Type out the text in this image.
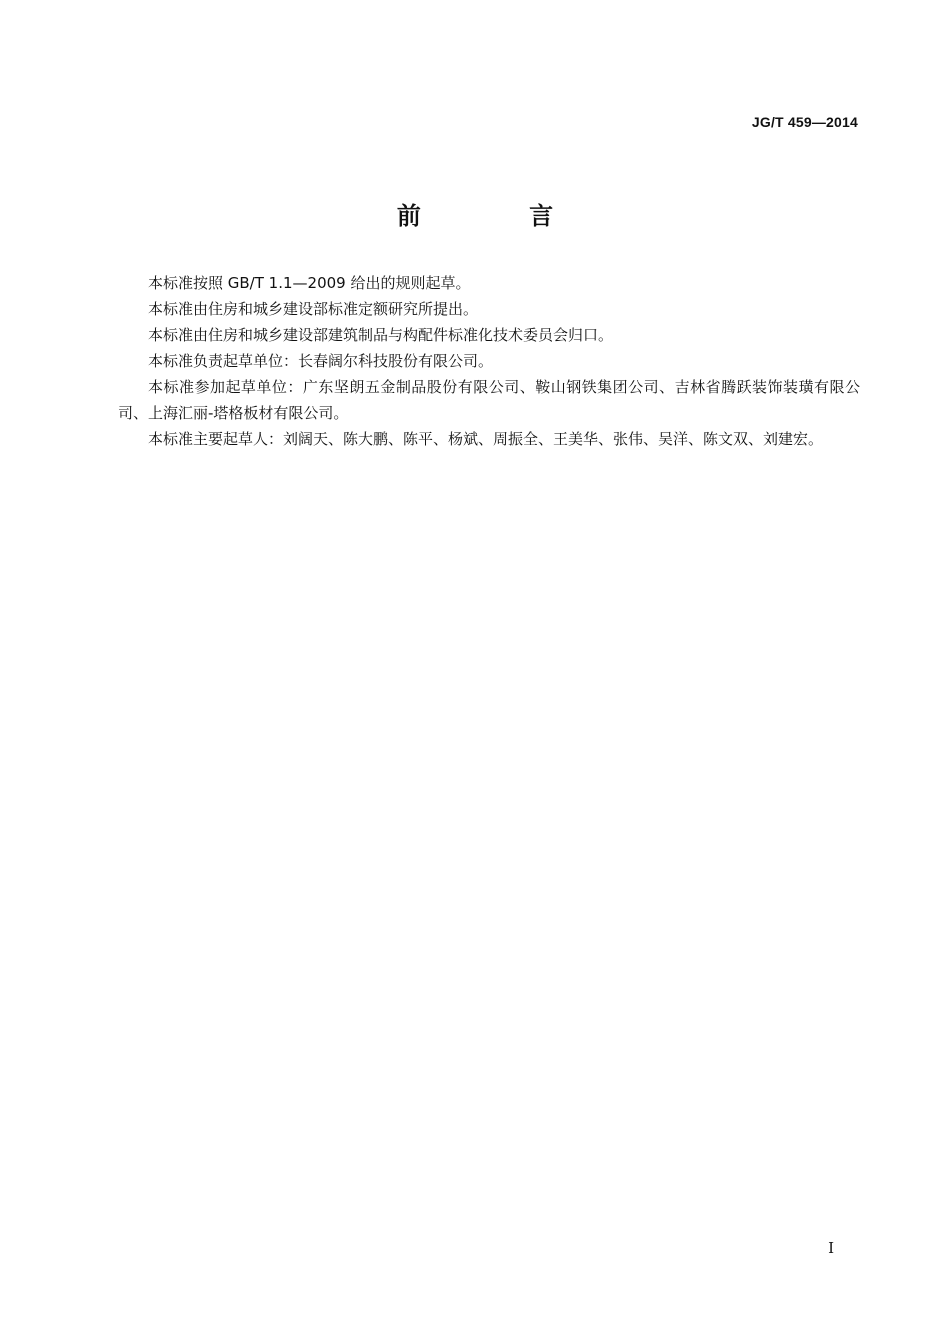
JG/T 459—2014
前 言

本标准按照 GB/T 1.1—2009 给出的规则起草。

本标准由住房和城乡建设部标准定额研究所提出。

本标准由住房和城乡建设部建筑制品与构配件标准化技术委员会归口。

本标准负责起草单位：长春阔尔科技股份有限公司。

本标准参加起草单位：广东坚朗五金制品股份有限公司、鞍山钢铁集团公司、吉林省腾跃装饰装璜有限公司、上海汇丽-塔格板材有限公司。

本标准主要起草人：刘阔天、陈大鹏、陈平、杨斌、周振全、王美华、张伟、吴洋、陈文双、刘建宏。

I
